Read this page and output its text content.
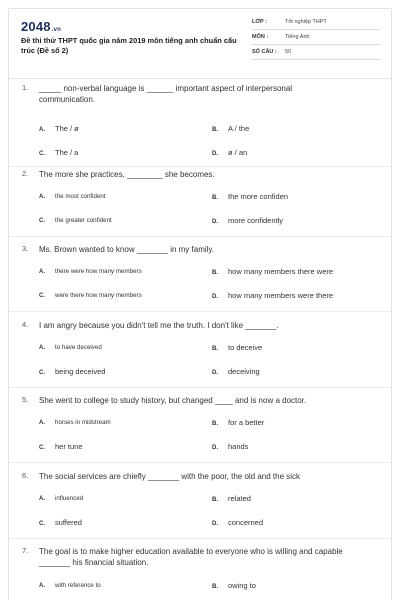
2048.vn
Đề thi thử THPT quốc gia năm 2019 môn tiếng anh chuẩn cấu trúc (Đề số 2)
LỚP :	Tốt nghiệp THPT
MÔN :	Tiếng Anh
SỐ CÂU : 50
1. _____ non-verbal language is ______ important aspect of interpersonal communication.
A. The / ø	B. A / the
C. The / a	D. ø / an
2. The more she practices, ________ she becomes.
A. the most confident	B. the more confiden
C. the greater confident	D. more confidently
3. Ms. Brown wanted to know _______ in my family.
A. there were how many members	B. how many members there were
C. were there how many members	D. how many members were there
4. I am angry because you didn't tell me the truth. I don't like _______.
A. to have deceived	B. to deceive
C. being deceived	D. deceiving
5. She went to college to study history, but changed ____ and is now a doctor.
A. horses in midstream	B. for a better
C. her tune	D. hands
6. The social services are chiefly _______ with the poor, the old and the sick
A. influenced	B. related
C. suffered	D. concerned
7. The goal is to make higher education available to everyone who is willing and capable _______ his financial situation.
A. with reference to	B. owing to
